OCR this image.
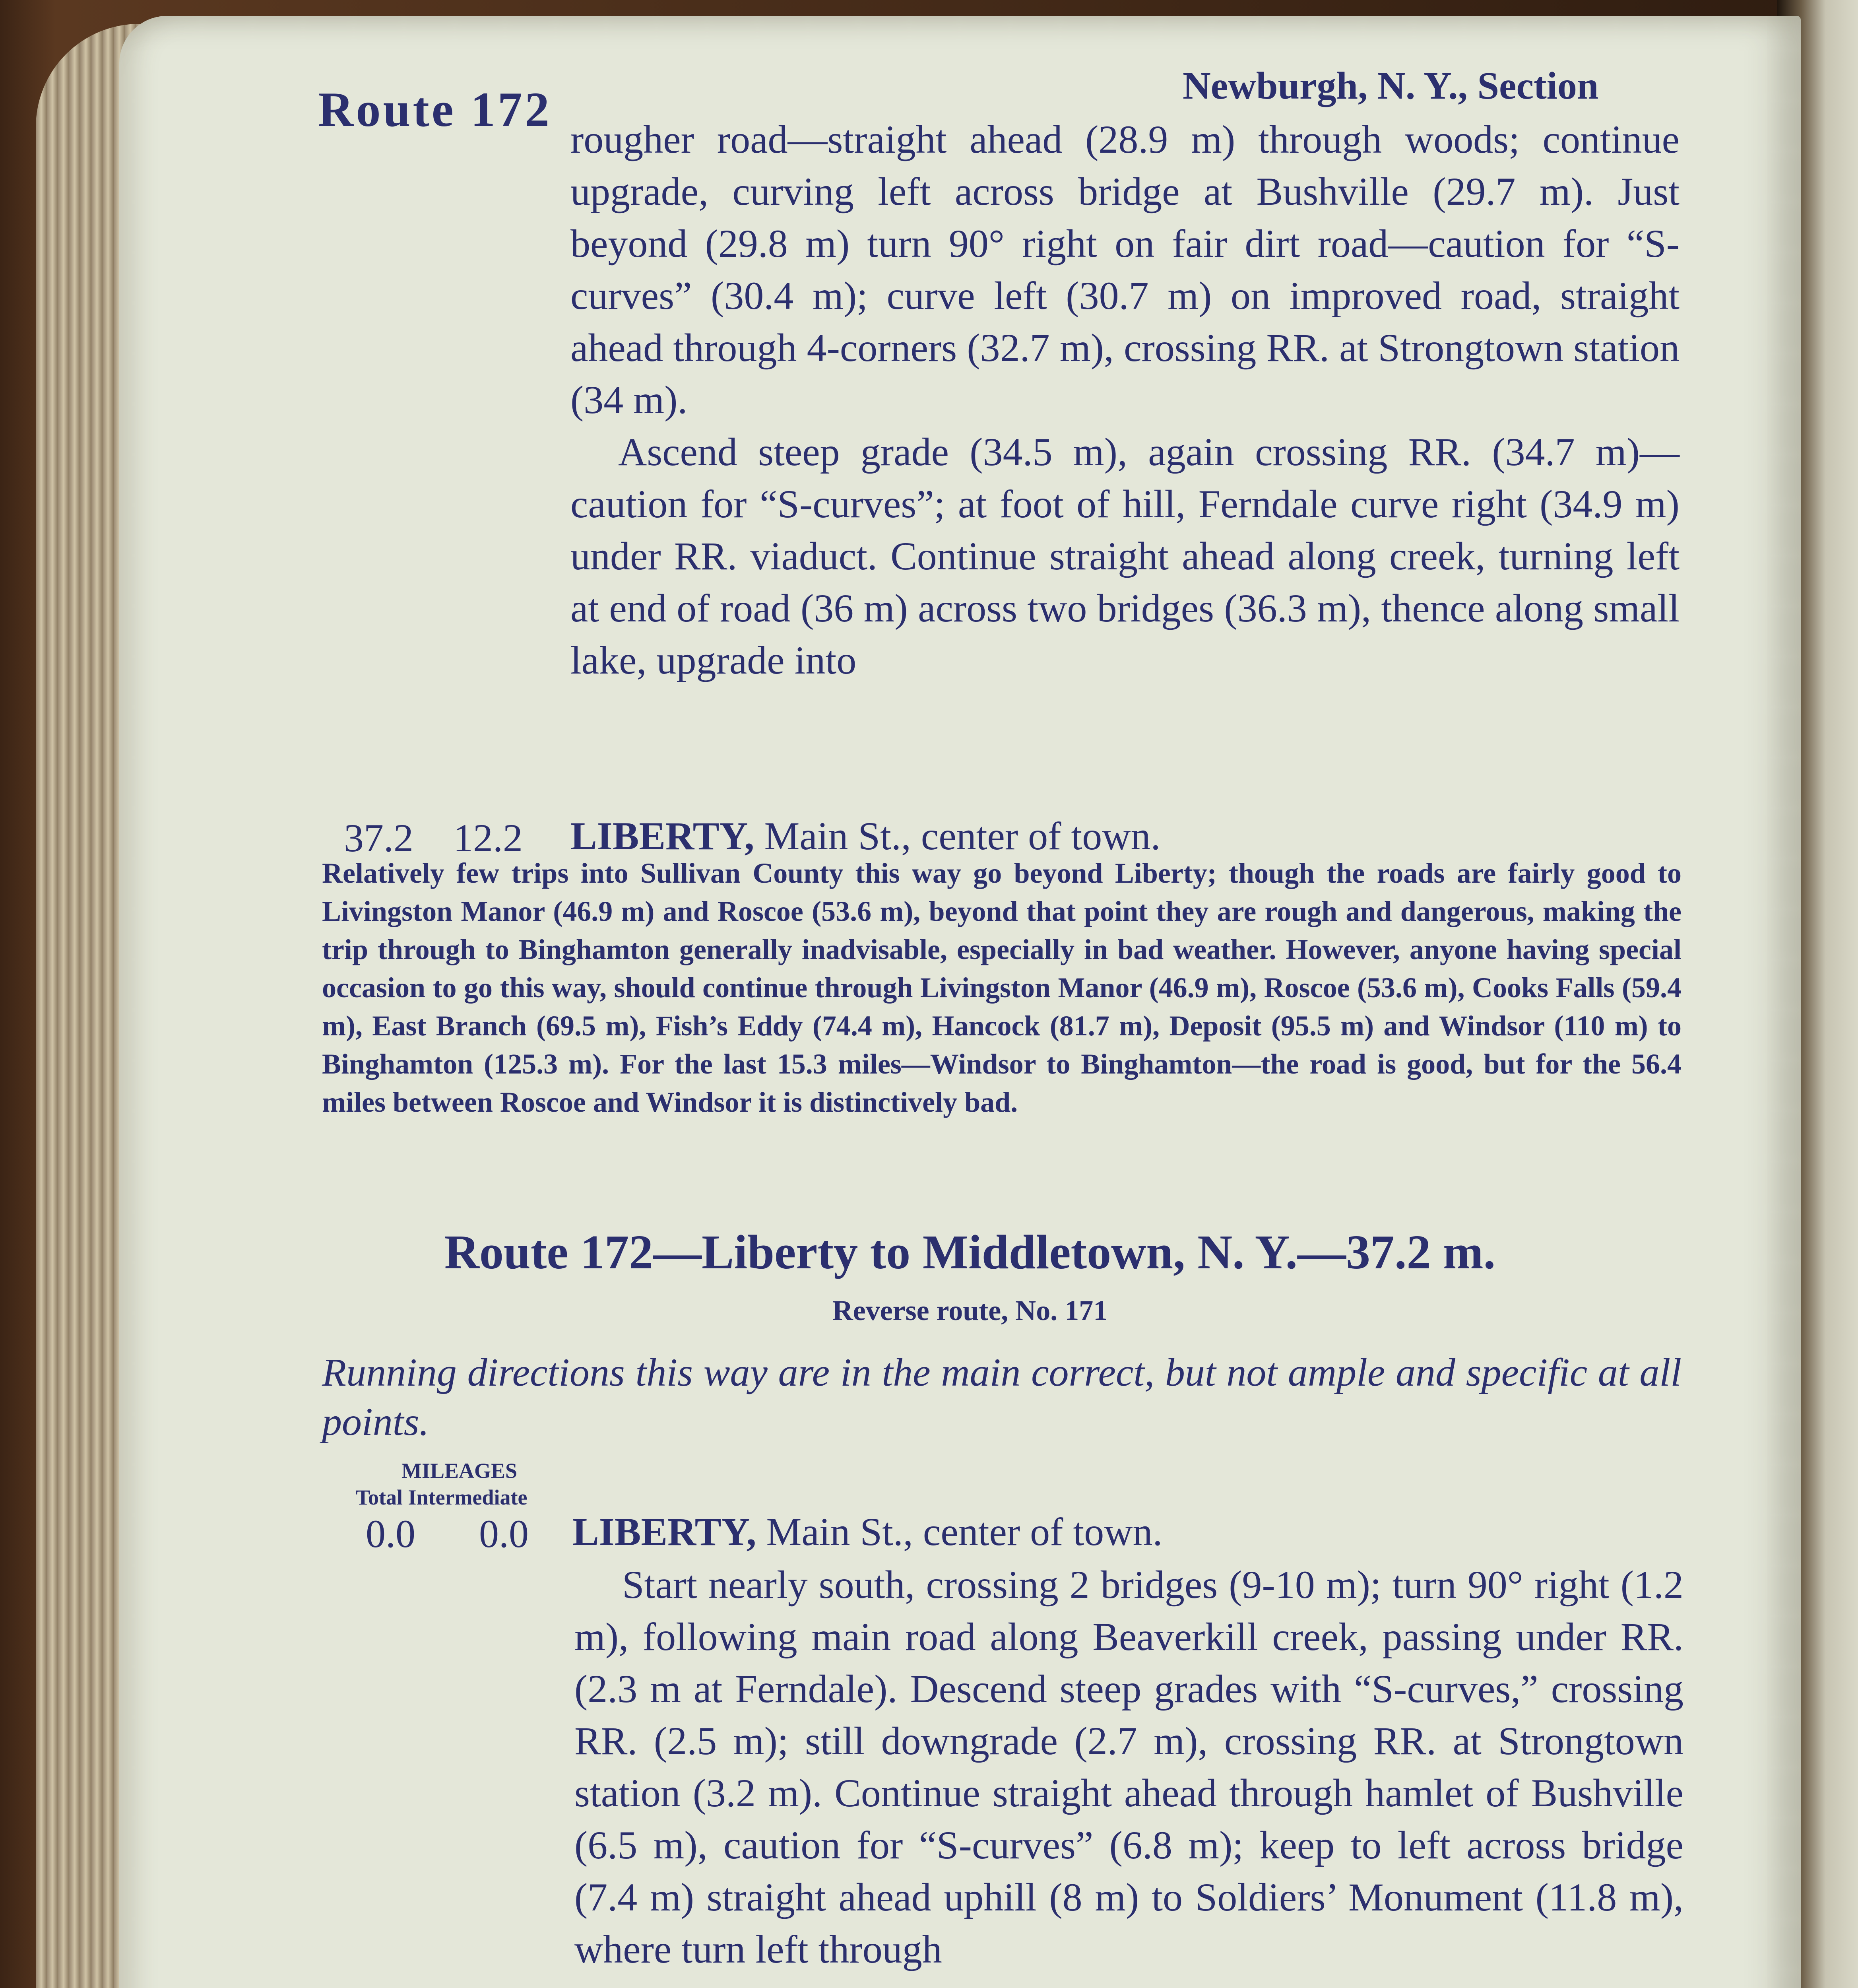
Route 172	Newburgh, N. Y., Section

rougher road—straight ahead (28.9 m) through woods; continue upgrade, curving left across bridge at Bushville (29.7 m). Just beyond (29.8 m) turn 90° right on fair dirt road—caution for “S-curves” (30.4 m); curve left (30.7 m) on improved road, straight ahead through 4-corners (32.7 m), crossing RR. at Strongtown station (34 m).

Ascend steep grade (34.5 m), again crossing RR. (34.7 m)—caution for “S-curves”; at foot of hill, Ferndale curve right (34.9 m) under RR. viaduct. Continue straight ahead along creek, turning left at end of road (36 m) across two bridges (36.3 m), thence along small lake, upgrade into

37.2 12.2 LIBERTY, Main St., center of town.
Relatively few trips into Sullivan County this way go beyond Liberty; though the roads are fairly good to Livingston Manor (46.9 m) and Roscoe (53.6 m), beyond that point they are rough and dangerous, making the trip through to Binghamton generally inadvisable, especially in bad weather. However, anyone having special occasion to go this way, should continue through Livingston Manor (46.9 m), Roscoe (53.6 m), Cooks Falls (59.4 m), East Branch (69.5 m), Fish’s Eddy (74.4 m), Hancock (81.7 m), Deposit (95.5 m) and Windsor (110 m) to Binghamton (125.3 m). For the last 15.3 miles—Windsor to Binghamton—the road is good, but for the 56.4 miles between Roscoe and Windsor it is distinctively bad.
Route 172—Liberty to Middletown, N. Y.—37.2 m.
Reverse route, No. 171
Running directions this way are in the main correct, but not ample and specific at all points.
MILEAGES
Total Intermediate
0.0 0.0 LIBERTY, Main St., center of town.

Start nearly south, crossing 2 bridges (9-10 m); turn 90° right (1.2 m), following main road along Beaverkill creek, passing under RR. (2.3 m at Ferndale). Descend steep grades with “S-curves,” crossing RR. (2.5 m); still downgrade (2.7 m), crossing RR. at Strongtown station (3.2 m). Continue straight ahead through hamlet of Bushville (6.5 m), caution for “S-curves” (6.8 m); keep to left across bridge (7.4 m) straight ahead uphill (8 m) to Soldiers’ Monument (11.8 m), where turn left through
